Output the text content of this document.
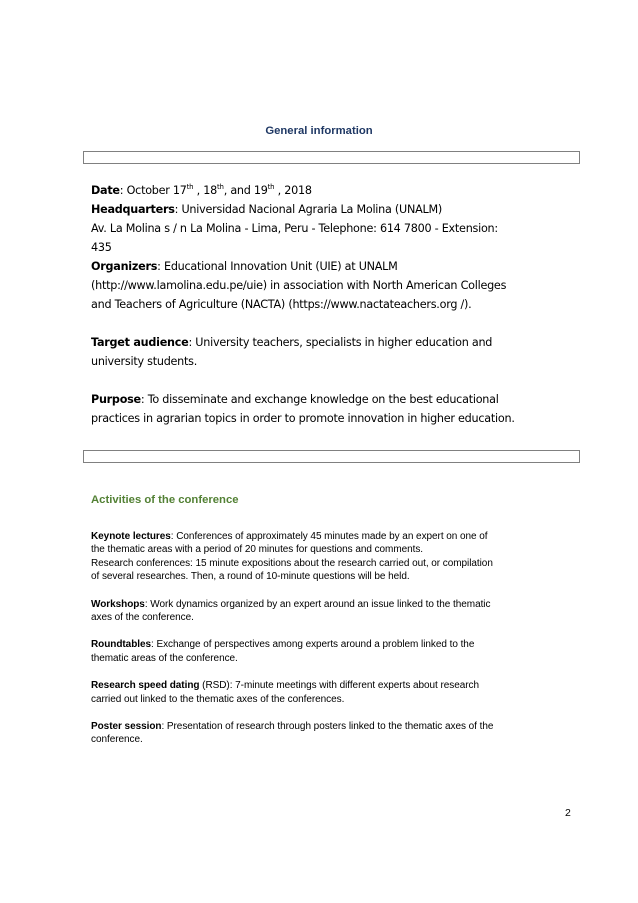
General information

Date: October 17th , 18th, and 19th , 2018

Headquarters: Universidad Nacional Agraria La Molina (UNALM)

Av. La Molina s / n La Molina - Lima, Peru - Telephone: 614 7800 - Extension:

435

Organizers: Educational Innovation Unit (UIE) at UNALM

(http://www.lamolina.edu.pe/uie) in association with North American Colleges

and Teachers of Agriculture (NACTA) (https://www.nactateachers.org /).

Target audience: University teachers, specialists in higher education and

university students.

Purpose: To disseminate and exchange knowledge on the best educational

practices in agrarian topics in order to promote innovation in higher education.

Activities of the conference

Keynote lectures: Conferences of approximately 45 minutes made by an expert on one of

the thematic areas with a period of 20 minutes for questions and comments.

Research conferences: 15 minute expositions about the research carried out, or compilation

of several researches. Then, a round of 10-minute questions will be held.

Workshops: Work dynamics organized by an expert around an issue linked to the thematic

axes of the conference.

Roundtables: Exchange of perspectives among experts around a problem linked to the

thematic areas of the conference.

Research speed dating (RSD): 7-minute meetings with different experts about research

carried out linked to the thematic axes of the conferences.

Poster session: Presentation of research through posters linked to the thematic axes of the

conference.

2
